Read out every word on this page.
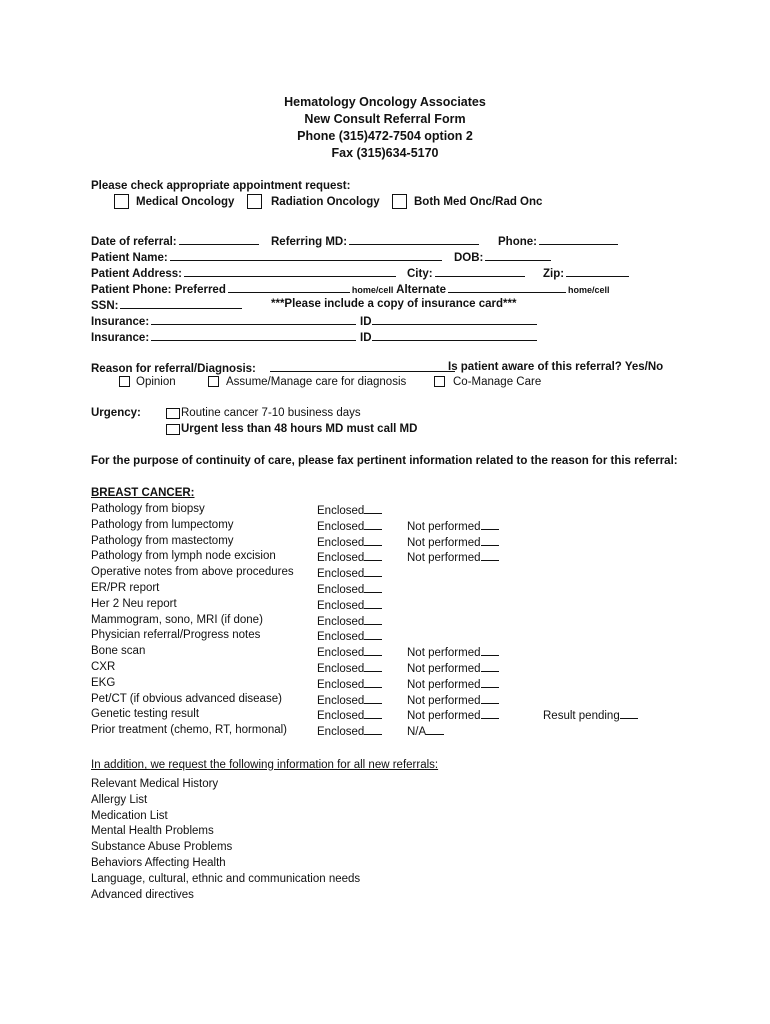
Hematology Oncology Associates
New Consult Referral Form
Phone (315)472-7504 option 2
Fax (315)634-5170
Please check appropriate appointment request:
Medical Oncology	Radiation Oncology	Both Med Onc/Rad Onc
Date of referral:	Referring MD:	Phone:
Patient Name:	DOB:
Patient Address:	City:	Zip:
Patient Phone: Preferred	home/cell Alternate	home/cell
SSN:	***Please include a copy of insurance card***
Insurance:	ID
Insurance:	ID
Reason for referral/Diagnosis:	Is patient aware of this referral? Yes/No
Opinion	Assume/Manage care for diagnosis	Co-Manage Care
Urgency:	Routine cancer 7-10 business days
Urgent less than 48 hours MD must call MD
For the purpose of continuity of care, please fax pertinent information related to the reason for this referral:
BREAST CANCER:
Pathology from biopsy	Enclosed
Pathology from lumpectomy	Enclosed	Not performed
Pathology from mastectomy	Enclosed	Not performed
Pathology from lymph node excision	Enclosed	Not performed
Operative notes from above procedures Enclosed
ER/PR report	Enclosed
Her 2 Neu report	Enclosed
Mammogram, sono, MRI (if done)	Enclosed
Physician referral/Progress notes	Enclosed
Bone scan	Enclosed	Not performed
CXR	Enclosed	Not performed
EKG	Enclosed	Not performed
Pet/CT (if obvious advanced disease)	Enclosed	Not performed
Genetic testing result	Enclosed	Not performed	Result pending
Prior treatment (chemo, RT, hormonal)	Enclosed	N/A
In addition, we request the following information for all new referrals:
Relevant Medical History
Allergy List
Medication List
Mental Health Problems
Substance Abuse Problems
Behaviors Affecting Health
Language, cultural, ethnic and communication needs
Advanced directives
